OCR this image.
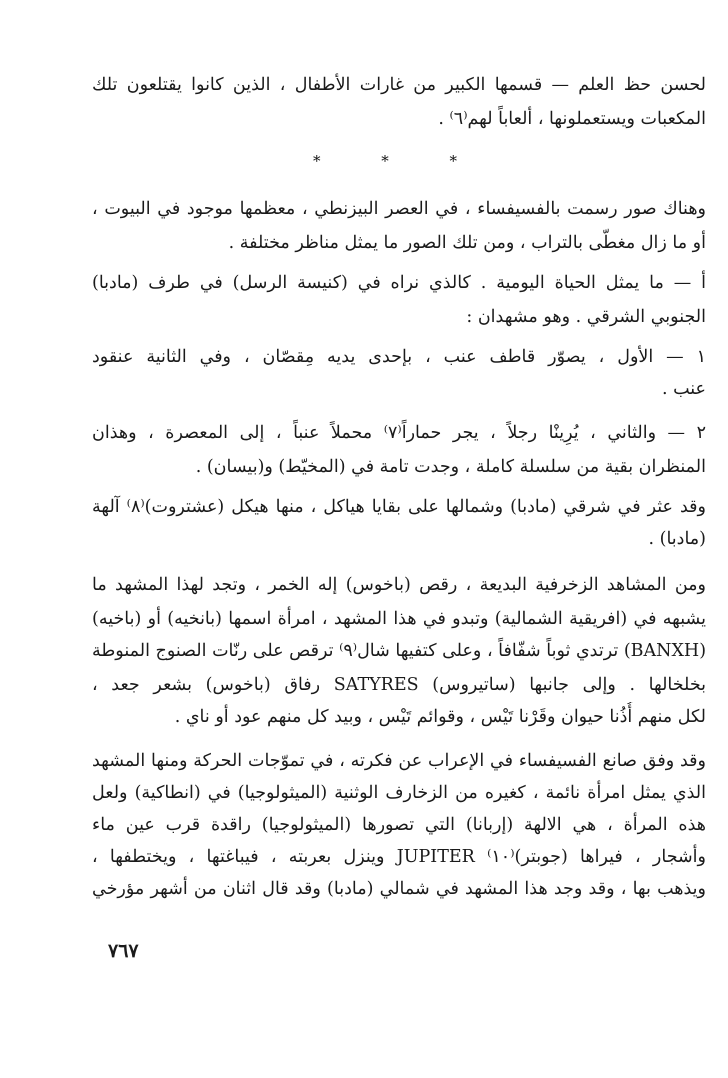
لحسن حظ العلم — قسمها الكبير من غارات الأطفال ، الذين كانوا يقتلعون تلك
المكعبات ويستعملونها ، ألعاباً لهم⁽٦⁾ .
* * *
وهناك صور رسمت بالفسيفساء ، في العصر البيزنطي ، معظمها موجود في البيوت ،
أو ما زال مغطّى بالتراب ، ومن تلك الصور ما يمثل مناظر مختلفة .
أ — ما يمثل الحياة اليومية . كالذي نراه في (كنيسة الرسل) في طرف (مادبا)
الجنوبي الشرقي . وهو مشهدان :
١ — الأول ، يصوّر قاطف عنب ، بإحدى يديه مِقصّان ، وفي الثانية عنقود
عنب .
٢ — والثاني ، يُرِينْا رجلاً ، يجر حماراً⁽٧⁾ محملاً عنباً ، إلى المعصرة ، وهذان
المنظران بقية من سلسلة كاملة ، وجدت تامة في (المخيّط) و(بيسان) .
وقد عثر في شرقي (مادبا) وشمالها على بقايا هياكل ، منها هيكل (عشتروت)⁽٨⁾ آلهة
(مادبا) .
ومن المشاهد الزخرفية البديعة ، رقص (باخوس) إله الخمر ، وتجد لهذا المشهد ما
يشبهه في (افريقية الشمالية) وتبدو في هذا المشهد ، امرأة اسمها (بانخيه) أو (باخيه)
(BANXH) ترتدي ثوباً شفّافاً ، وعلى كتفيها شال⁽٩⁾ ترقص على رنّات الصنوج المنوطة
بخلخالها . وإلى جانبها (ساتيروس) SATYRES رفاق (باخوس) بشعر جعد ،
لكل منهم أُذُنا حيوان وقَرْنا تَيْس ، وقوائم تَيْس ، وبيد كل منهم عود أو ناي .
وقد وفق صانع الفسيفساء في الإعراب عن فكرته ، في تموّجات الحركة ومنها المشهد
الذي يمثل امرأة نائمة ، كغيره من الزخارف الوثنية (الميثولوجيا) في (انطاكية) ولعل
هذه المرأة ، هي الالهة (إربانا) التي تصورها (الميثولوجيا) راقدة قرب عين ماء
وأشجار ، فيراها (جوبتر)⁽١٠⁾ JUPITER وينزل بعربته ، فيباغتها ، ويختطفها ،
ويذهب بها ، وقد وجد هذا المشهد في شمالي (مادبا) وقد قال اثنان من أشهر مؤرخي
٧٦٧
